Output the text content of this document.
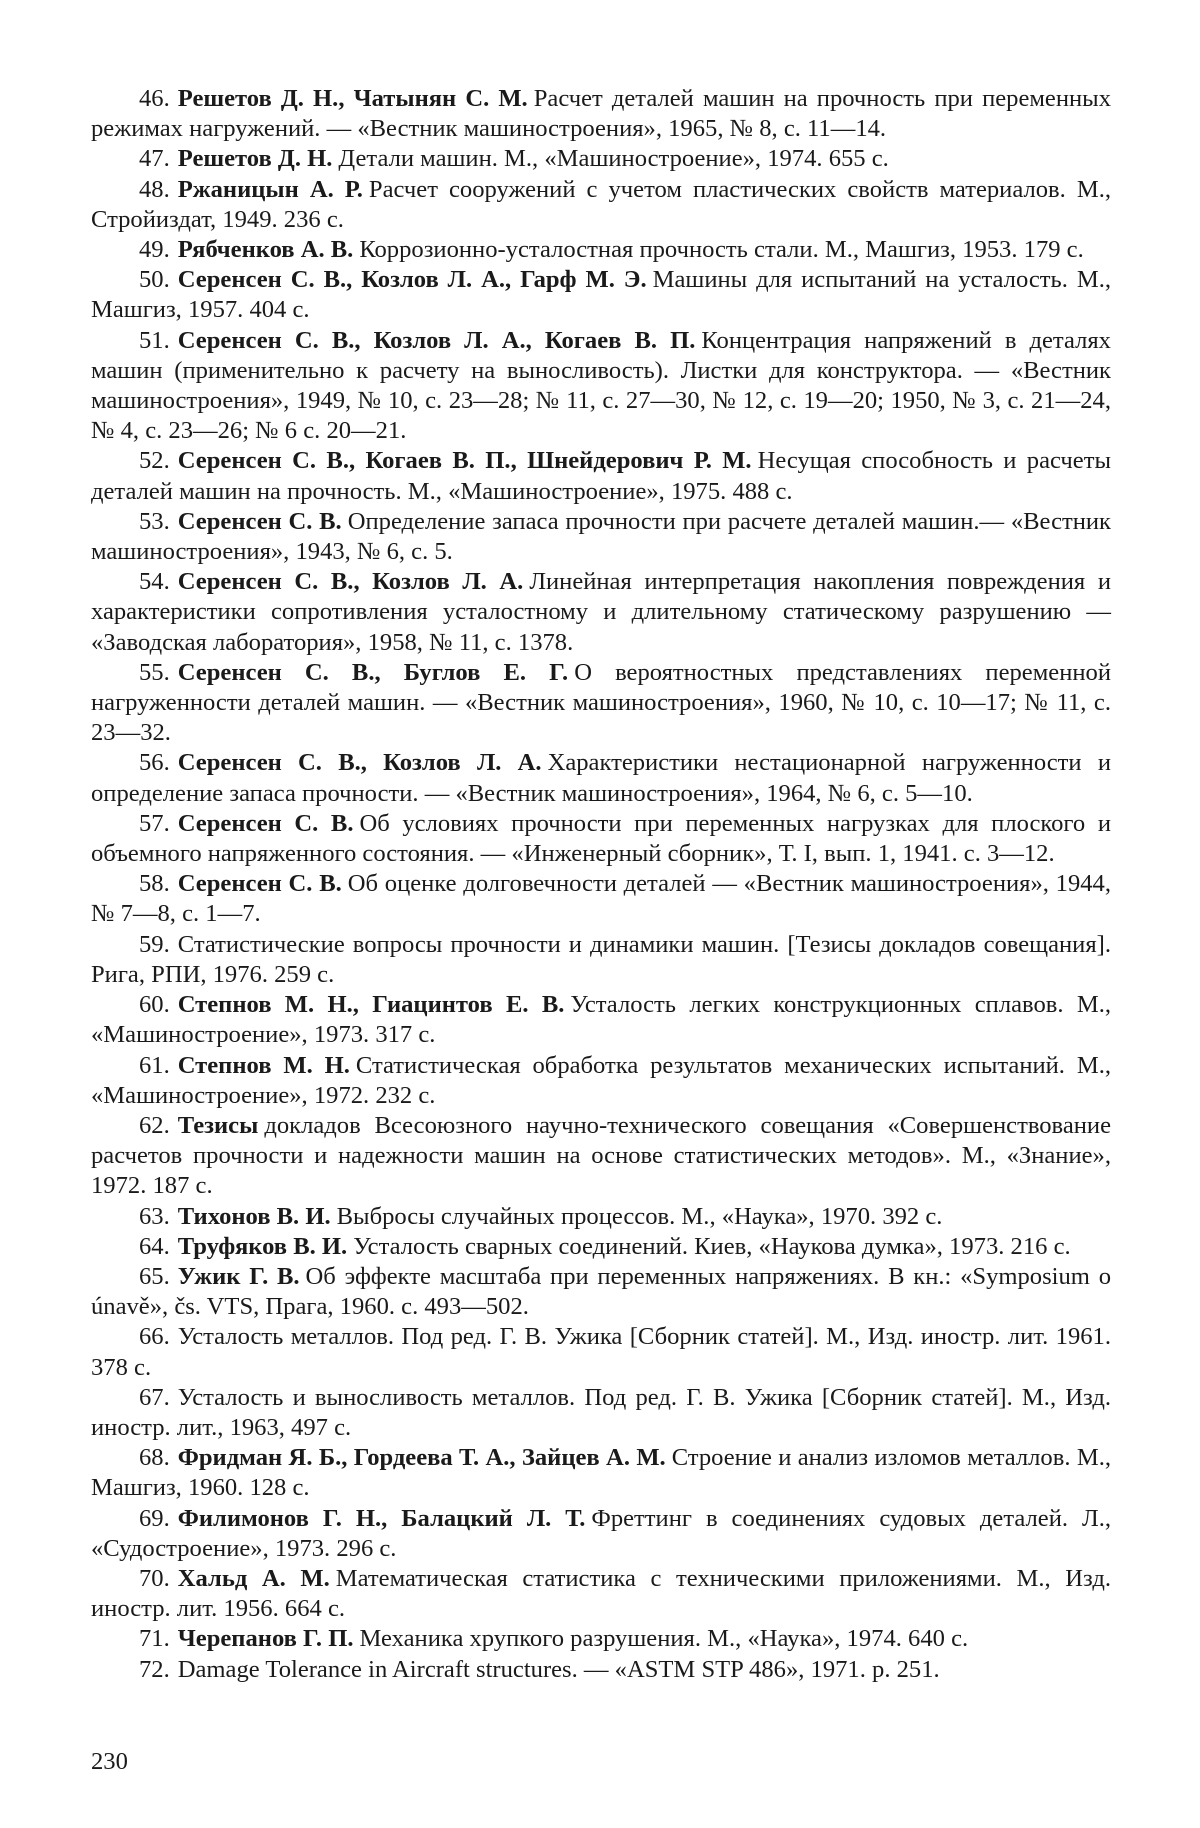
46. Решетов Д. Н., Чатынян С. М. Расчет деталей машин на прочность при переменных режимах нагружений. — «Вестник машиностроения», 1965, № 8, с. 11—14.

47. Решетов Д. Н. Детали машин. М., «Машиностроение», 1974. 655 с.

48. Ржаницын А. Р. Расчет сооружений с учетом пластических свойств материалов. М., Стройиздат, 1949. 236 с.

49. Рябченков А. В. Коррозионно-усталостная прочность стали. М., Машгиз, 1953. 179 с.

50. Серенсен С. В., Козлов Л. А., Гарф М. Э. Машины для испытаний на усталость. М., Машгиз, 1957. 404 с.

51. Серенсен С. В., Козлов Л. А., Когаев В. П. Концентрация напряжений в деталях машин (применительно к расчету на выносливость). Листки для конструктора. — «Вестник машиностроения», 1949, № 10, с. 23—28; № 11, с. 27—30, № 12, с. 19—20; 1950, № 3, с. 21—24, № 4, с. 23—26; № 6 с. 20—21.

52. Серенсен С. В., Когаев В. П., Шнейдерович Р. М. Несущая способность и расчеты деталей машин на прочность. М., «Машиностроение», 1975. 488 с.

53. Серенсен С. В. Определение запаса прочности при расчете деталей машин.— «Вестник машиностроения», 1943, № 6, с. 5.

54. Серенсен С. В., Козлов Л. А. Линейная интерпретация накопления повреждения и характеристики сопротивления усталостному и длительному статическому разрушению — «Заводская лаборатория», 1958, № 11, с. 1378.

55. Серенсен С. В., Буглов Е. Г. О вероятностных представлениях переменной нагруженности деталей машин. — «Вестник машиностроения», 1960, № 10, с. 10—17; № 11, с. 23—32.

56. Серенсен С. В., Козлов Л. А. Характеристики нестационарной нагруженности и определение запаса прочности. — «Вестник машиностроения», 1964, № 6, с. 5—10.

57. Серенсен С. В. Об условиях прочности при переменных нагрузках для плоского и объемного напряженного состояния. — «Инженерный сборник», Т. I, вып. 1, 1941. с. 3—12.

58. Серенсен С. В. Об оценке долговечности деталей — «Вестник машиностроения», 1944, № 7—8, с. 1—7.

59. Статистические вопросы прочности и динамики машин. [Тезисы докладов совещания]. Рига, РПИ, 1976. 259 с.

60. Степнов М. Н., Гиацинтов Е. В. Усталость легких конструкционных сплавов. М., «Машиностроение», 1973. 317 с.

61. Степнов М. Н. Статистическая обработка результатов механических испытаний. М., «Машиностроение», 1972. 232 с.

62. Тезисы докладов Всесоюзного научно-технического совещания «Совершенствование расчетов прочности и надежности машин на основе статистических методов». М., «Знание», 1972. 187 с.

63. Тихонов В. И. Выбросы случайных процессов. М., «Наука», 1970. 392 с.

64. Труфяков В. И. Усталость сварных соединений. Киев, «Наукова думка», 1973. 216 с.

65. Ужик Г. В. Об эффекте масштаба при переменных напряжениях. В кн.: «Symposium o únavě», čs. VTS, Прага, 1960. с. 493—502.

66. Усталость металлов. Под ред. Г. В. Ужика [Сборник статей]. М., Изд. иностр. лит. 1961. 378 с.

67. Усталость и выносливость металлов. Под ред. Г. В. Ужика [Сборник статей]. М., Изд. иностр. лит., 1963, 497 с.

68. Фридман Я. Б., Гордеева Т. А., Зайцев А. М. Строение и анализ изломов металлов. М., Машгиз, 1960. 128 с.

69. Филимонов Г. Н., Балацкий Л. Т. Фреттинг в соединениях судовых деталей. Л., «Судостроение», 1973. 296 с.

70. Хальд А. М. Математическая статистика с техническими приложениями. М., Изд. иностр. лит. 1956. 664 с.

71. Черепанов Г. П. Механика хрупкого разрушения. М., «Наука», 1974. 640 с.

72. Damage Tolerance in Aircraft structures. — «ASTM STP 486», 1971. p. 251.

230
